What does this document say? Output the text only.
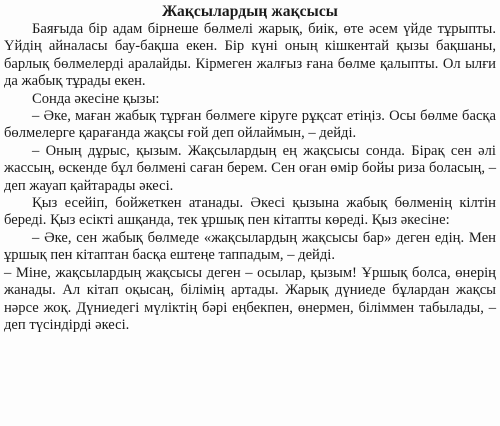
Жақсылардың жақсысы

Баяғыда бір адам бірнеше бөлмелі жарық, биік, өте әсем үйде тұрыпты. Үйдің айналасы бау-бақша екен. Бір күні оның кішкентай қызы бақшаны, барлық бөлмелерді аралайды. Кірмеген жалғыз ғана бөлме қалыпты. Ол ылғи да жабық тұрады екен.

Сонда әкесіне қызы:

– Әке, маған жабық тұрған бөлмеге кіруге рұқсат етіңіз. Осы бөлме басқа бөлмелерге қарағанда жақсы ғой деп ойлаймын, – дейді.

– Оның дұрыс, қызым. Жақсылардың ең жақсысы сонда. Бірақ сен әлі жассың, өскенде бұл бөлмені саған берем. Сен оған өмір бойы риза боласың, – деп жауап қайтарады әкесі.

Қыз есейіп, бойжеткен атанады. Әкесі қызына жабық бөлменің кілтін береді. Қыз есікті ашқанда, тек ұршық пен кітапты көреді. Қыз әкесіне:

– Әке, сен жабық бөлмеде «жақсылардың жақсысы бар» деген едің. Мен ұршық пен кітаптан басқа ештеңе таппадым, – дейді.

– Міне, жақсылардың жақсысы деген – осылар, қызым! Ұршық болса, өнерің жанады. Ал кітап оқысаң, білімің артады. Жарық дүниеде бұлардан жақсы нәрсе жоқ. Дүниедегі мүліктің бәрі еңбекпен, өнермен, біліммен табылады, – деп түсіндірді әкесі.
